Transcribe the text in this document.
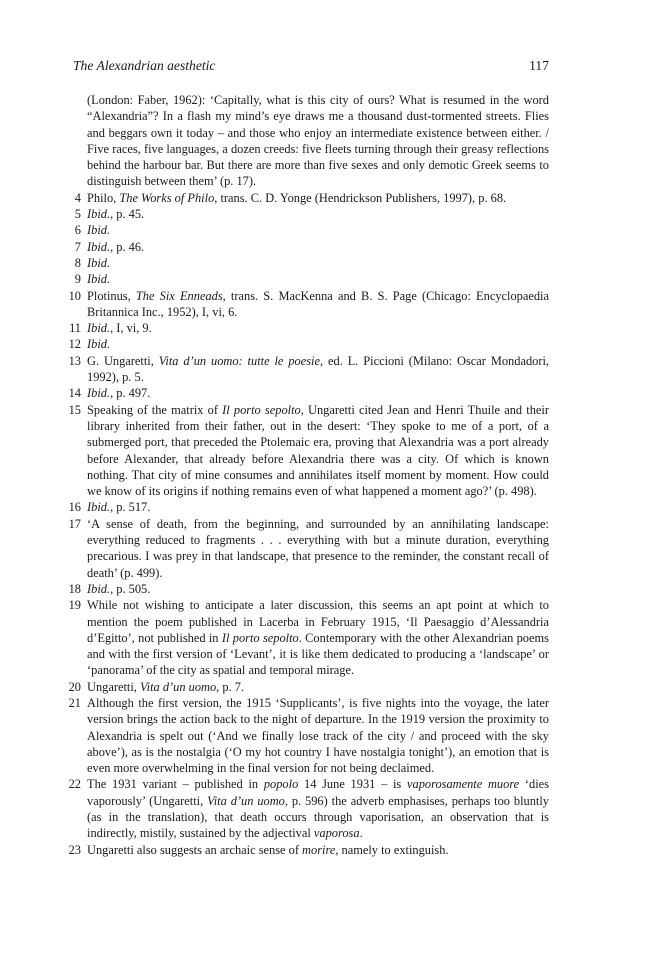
The Alexandrian aesthetic	117
(London: Faber, 1962): ‘Capitally, what is this city of ours? What is resumed in the word “Alexandria”? In a flash my mind’s eye draws me a thousand dust-tormented streets. Flies and beggars own it today – and those who enjoy an intermediate existence between either. / Five races, five languages, a dozen creeds: five fleets turning through their greasy reflections behind the harbour bar. But there are more than five sexes and only demotic Greek seems to distinguish between them’ (p. 17).
4 Philo, The Works of Philo, trans. C. D. Yonge (Hendrickson Publishers, 1997), p. 68.
5 Ibid., p. 45.
6 Ibid.
7 Ibid., p. 46.
8 Ibid.
9 Ibid.
10 Plotinus, The Six Enneads, trans. S. MacKenna and B. S. Page (Chicago: Encyclopaedia Britannica Inc., 1952), I, vi, 6.
11 Ibid., I, vi, 9.
12 Ibid.
13 G. Ungaretti, Vita d’un uomo: tutte le poesie, ed. L. Piccioni (Milano: Oscar Mondadori, 1992), p. 5.
14 Ibid., p. 497.
15 Speaking of the matrix of Il porto sepolto, Ungaretti cited Jean and Henri Thuile and their library inherited from their father, out in the desert: ‘They spoke to me of a port, of a submerged port, that preceded the Ptolemaic era, proving that Alexandria was a port already before Alexander, that already before Alexandria there was a city. Of which is known nothing. That city of mine consumes and annihilates itself moment by moment. How could we know of its origins if nothing remains even of what happened a moment ago?’ (p. 498).
16 Ibid., p. 517.
17 ‘A sense of death, from the beginning, and surrounded by an annihilating landscape: everything reduced to fragments . . . everything with but a minute duration, everything precarious. I was prey in that landscape, that presence to the reminder, the constant recall of death’ (p. 499).
18 Ibid., p. 505.
19 While not wishing to anticipate a later discussion, this seems an apt point at which to mention the poem published in Lacerba in February 1915, ‘Il Paesaggio d’Alessandria d’Egitto’, not published in Il porto sepolto. Contemporary with the other Alexandrian poems and with the first version of ‘Levant’, it is like them dedicated to producing a ‘landscape’ or ‘panorama’ of the city as spatial and temporal mirage.
20 Ungaretti, Vita d’un uomo, p. 7.
21 Although the first version, the 1915 ‘Supplicants’, is five nights into the voyage, the later version brings the action back to the night of departure. In the 1919 version the proximity to Alexandria is spelt out (‘And we finally lose track of the city / and proceed with the sky above’), as is the nostalgia (‘O my hot country I have nostalgia tonight’), an emotion that is even more overwhelming in the final version for not being declaimed.
22 The 1931 variant – published in popolo 14 June 1931 – is vaporosamente muore ‘dies vaporously’ (Ungaretti, Vita d’un uomo, p. 596) the adverb emphasises, perhaps too bluntly (as in the translation), that death occurs through vaporisation, an observation that is indirectly, mistily, sustained by the adjectival vaporosa.
23 Ungaretti also suggests an archaic sense of morire, namely to extinguish.
